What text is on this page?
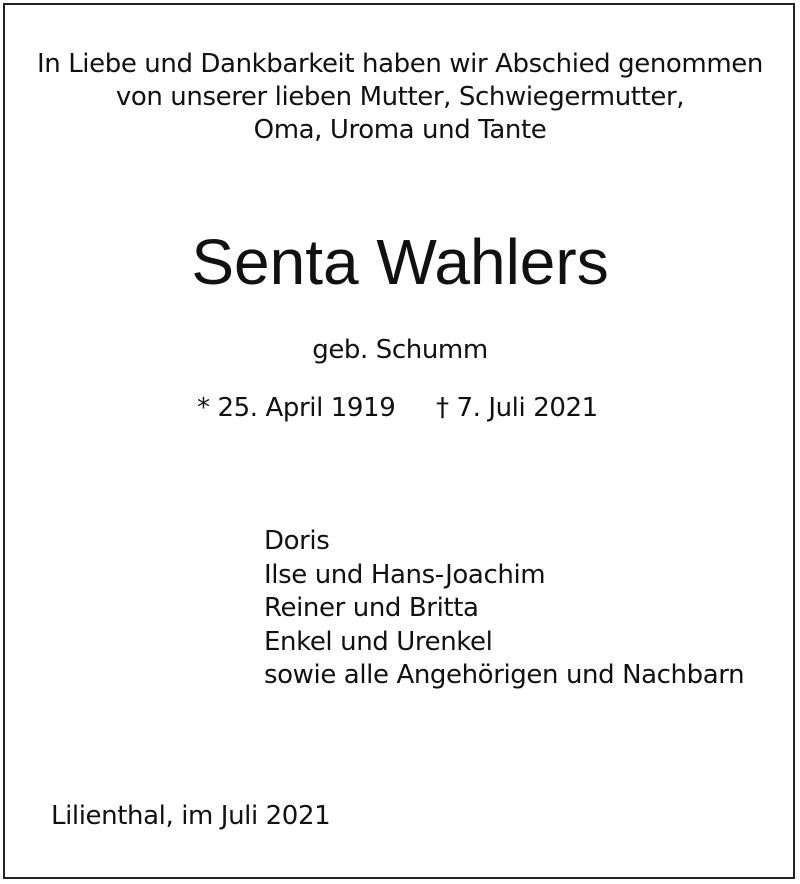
In Liebe und Dankbarkeit haben wir Abschied genommen
von unserer lieben Mutter, Schwiegermutter,
Oma, Uroma und Tante
Senta Wahlers
geb. Schumm
* 25. April 1919 † 7. Juli 2021
Doris
Ilse und Hans-Joachim
Reiner und Britta
Enkel und Urenkel
sowie alle Angehörigen und Nachbarn
Lilienthal, im Juli 2021
